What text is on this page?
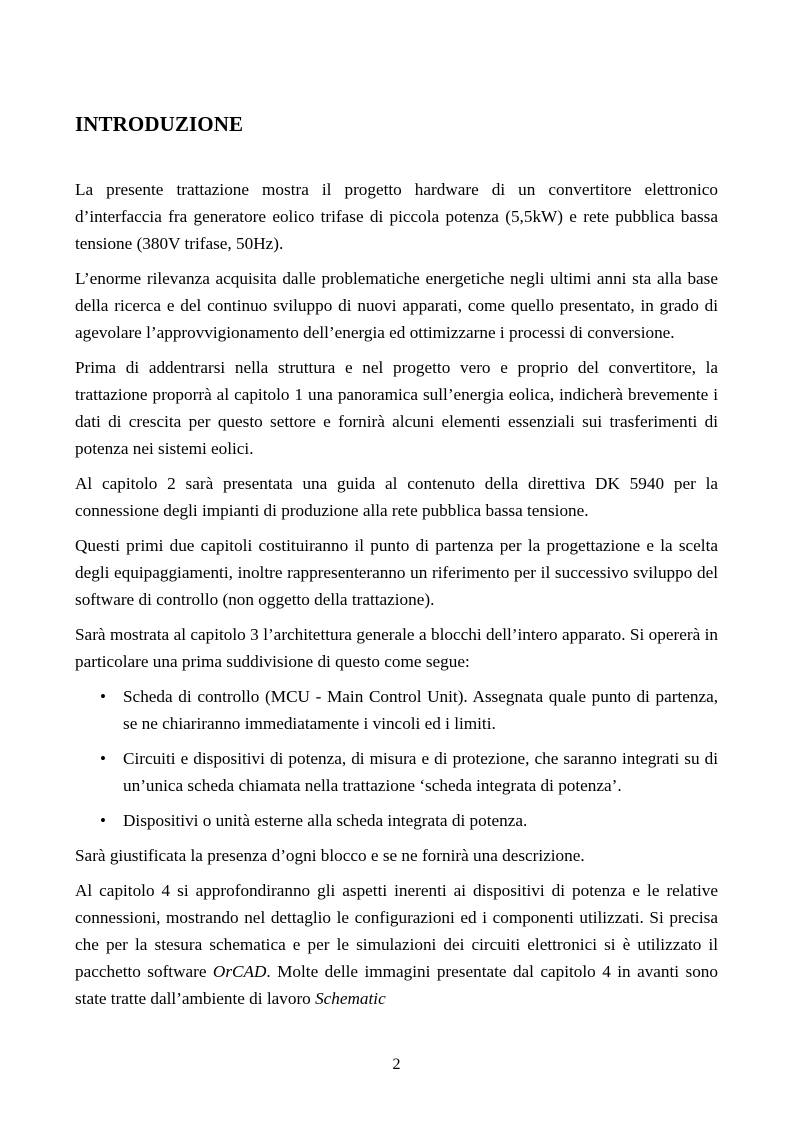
INTRODUZIONE

La presente trattazione mostra il progetto hardware di un convertitore elettronico d’interfaccia fra generatore eolico trifase di piccola potenza (5,5kW) e rete pubblica bassa tensione (380V trifase, 50Hz).

L’enorme rilevanza acquisita dalle problematiche energetiche negli ultimi anni sta alla base della ricerca e del continuo sviluppo di nuovi apparati, come quello presentato, in grado di agevolare l’approvvigionamento dell’energia ed ottimizzarne i processi di conversione.

Prima di addentrarsi nella struttura e nel progetto vero e proprio del convertitore, la trattazione proporrà al capitolo 1 una panoramica sull’energia eolica, indicherà brevemente i dati di crescita per questo settore e fornirà alcuni elementi essenziali sui trasferimenti di potenza nei sistemi eolici.

Al capitolo 2 sarà presentata una guida al contenuto della direttiva DK 5940 per la connessione degli impianti di produzione alla rete pubblica bassa tensione.

Questi primi due capitoli costituiranno il punto di partenza per la progettazione e la scelta degli equipaggiamenti, inoltre rappresenteranno un riferimento per il successivo sviluppo del software di controllo (non oggetto della trattazione).

Sarà mostrata al capitolo 3 l’architettura generale a blocchi dell’intero apparato. Si opererà in particolare una prima suddivisione di questo come segue:

• Scheda di controllo (MCU - Main Control Unit). Assegnata quale punto di partenza, se ne chiariranno immediatamente i vincoli ed i limiti.
• Circuiti e dispositivi di potenza, di misura e di protezione, che saranno integrati su di un’unica scheda chiamata nella trattazione ‘scheda integrata di potenza’.
• Dispositivi o unità esterne alla scheda integrata di potenza.

Sarà giustificata la presenza d’ogni blocco e se ne fornirà una descrizione.

Al capitolo 4 si approfondiranno gli aspetti inerenti ai dispositivi di potenza e le relative connessioni, mostrando nel dettaglio le configurazioni ed i componenti utilizzati. Si precisa che per la stesura schematica e per le simulazioni dei circuiti elettronici si è utilizzato il pacchetto software OrCAD. Molte delle immagini presentate dal capitolo 4 in avanti sono state tratte dall’ambiente di lavoro Schematic

2
